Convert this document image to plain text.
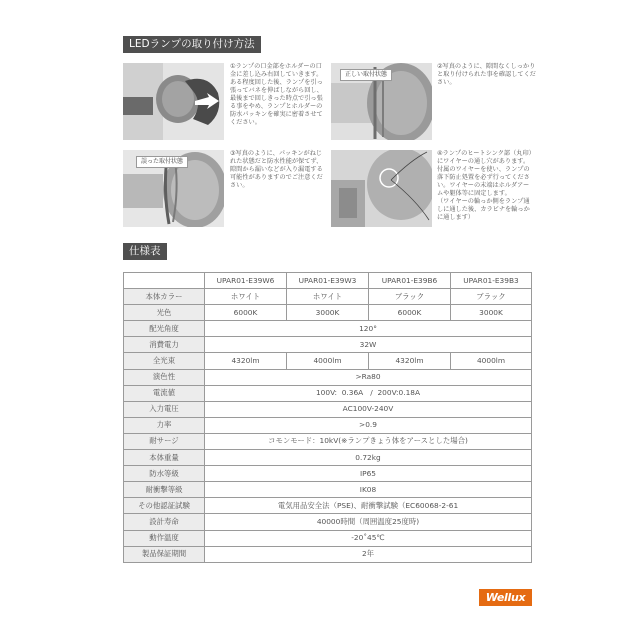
LEDランプの取り付け方法
①ランプの口金部をホルダーの口
金に差し込み右回していきます。
ある程度回した後、ランプを引っ
張ってバネを伸ばしながら回し、
最後まで回しきった時点で引っ張
る事をやめ、ランプとホルダーの
防水パッキンを確実に密着させて
ください。
正しい取付状態
②写真のように、隙間なくしっかり
と取り付けられた事を確認してくだ
さい。
誤った取付状態
③写真のように、パッキンがねじ
れた状態だと防水性能が保てず、
隙間から漏いなどが入り漏電する
可能性がありますのでご注意くだ
さい。
④ランプのヒートシンク部（丸印）
にワイヤーの通し穴があります。
付属のワイヤーを使い、ランプの
落下防止処置を必ず行ってくださ
い。ワイヤーの末端はホルダアー
ムや躯体等に固定します。
（ワイヤーの輪っか側をランプ通
しに通した後、カラビナを輪っか
に通します）
仕様表
	UPAR01-E39W6	UPAR01-E39W3	UPAR01-E39B6	UPAR01-E39B3
本体カラー	ホワイト	ホワイト	ブラック	ブラック
光色	6000K	3000K	6000K	3000K
配光角度	120°			
消費電力	32W			
全光束	4320lm	4000lm	4320lm	4000lm
演色性	>Ra80			
電流値	100V:  0.36A   /  200V:0.18A			
入力電圧	AC100V-240V			
力率	>0.9			
耐サージ	コモンモード：10kV(※ランプきょう体をアースとした場合)			
本体重量	0.72kg			
防水等級	IP65			
耐衝撃等級	IK08			
その他認証試験	電気用品安全法（PSE)、耐衝撃試験（EC60068-2-61			
設計寿命	40000時間（周囲温度25度時)			
動作温度	-20˚45℃			
製品保証期間	2年			
Wellux
